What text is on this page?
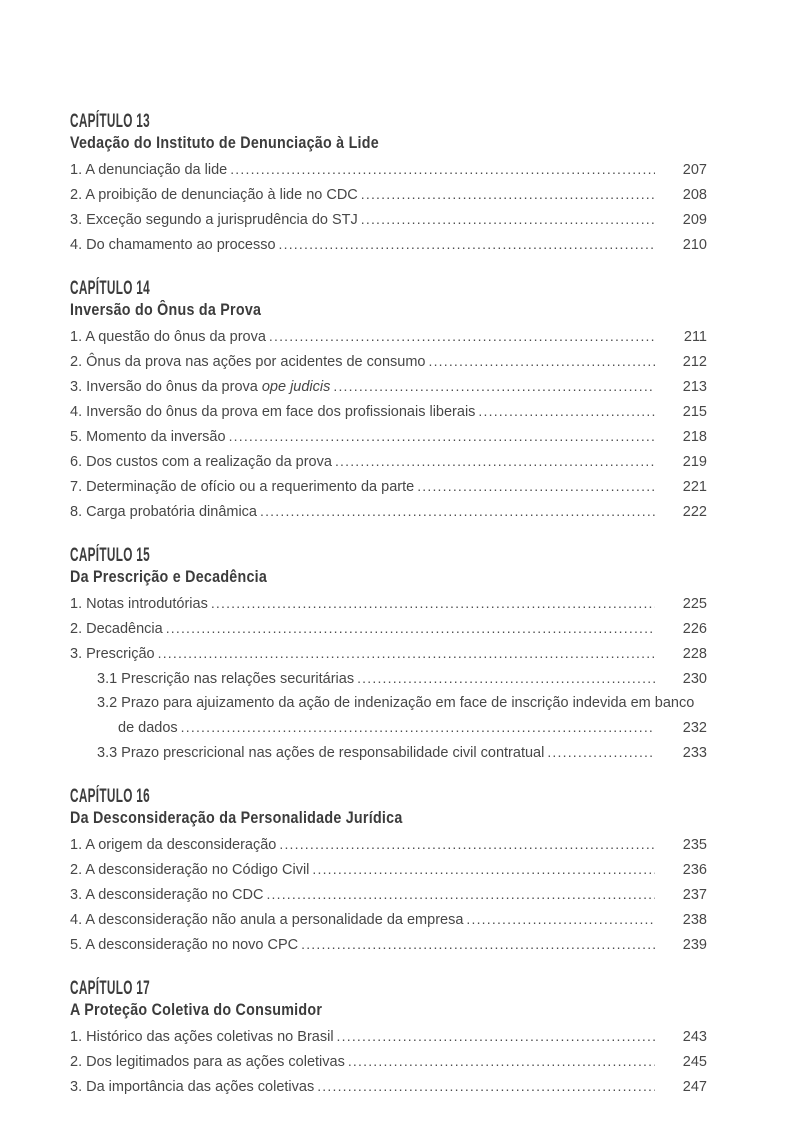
CAPÍTULO 13
Vedação do Instituto de Denunciação à Lide
1. A denunciação da lide .....	207
2. A proibição de denunciação à lide no CDC .....	208
3. Exceção segundo a jurisprudência do STJ .....	209
4. Do chamamento ao processo .....	210
CAPÍTULO 14
Inversão do Ônus da Prova
1. A questão do ônus da prova .....	211
2. Ônus da prova nas ações por acidentes de consumo .....	212
3. Inversão do ônus da prova ope judicis .....	213
4. Inversão do ônus da prova em face dos profissionais liberais .....	215
5. Momento da inversão .....	218
6. Dos custos com a realização da prova .....	219
7. Determinação de ofício ou a requerimento da parte .....	221
8. Carga probatória dinâmica .....	222
CAPÍTULO 15
Da Prescrição e Decadência
1. Notas introdutórias .....	225
2. Decadência .....	226
3. Prescrição .....	228
3.1 Prescrição nas relações securitárias .....	230
3.2 Prazo para ajuizamento da ação de indenização em face de inscrição indevida em banco
de dados .....	232
3.3 Prazo prescricional nas ações de responsabilidade civil contratual .....	233
CAPÍTULO 16
Da Desconsideração da Personalidade Jurídica
1. A origem da desconsideração .....	235
2. A desconsideração no Código Civil .....	236
3. A desconsideração no CDC .....	237
4. A desconsideração não anula a personalidade da empresa .....	238
5. A desconsideração no novo CPC .....	239
CAPÍTULO 17
A Proteção Coletiva do Consumidor
1. Histórico das ações coletivas no Brasil .....	243
2. Dos legitimados para as ações coletivas .....	245
3. Da importância das ações coletivas .....	247
